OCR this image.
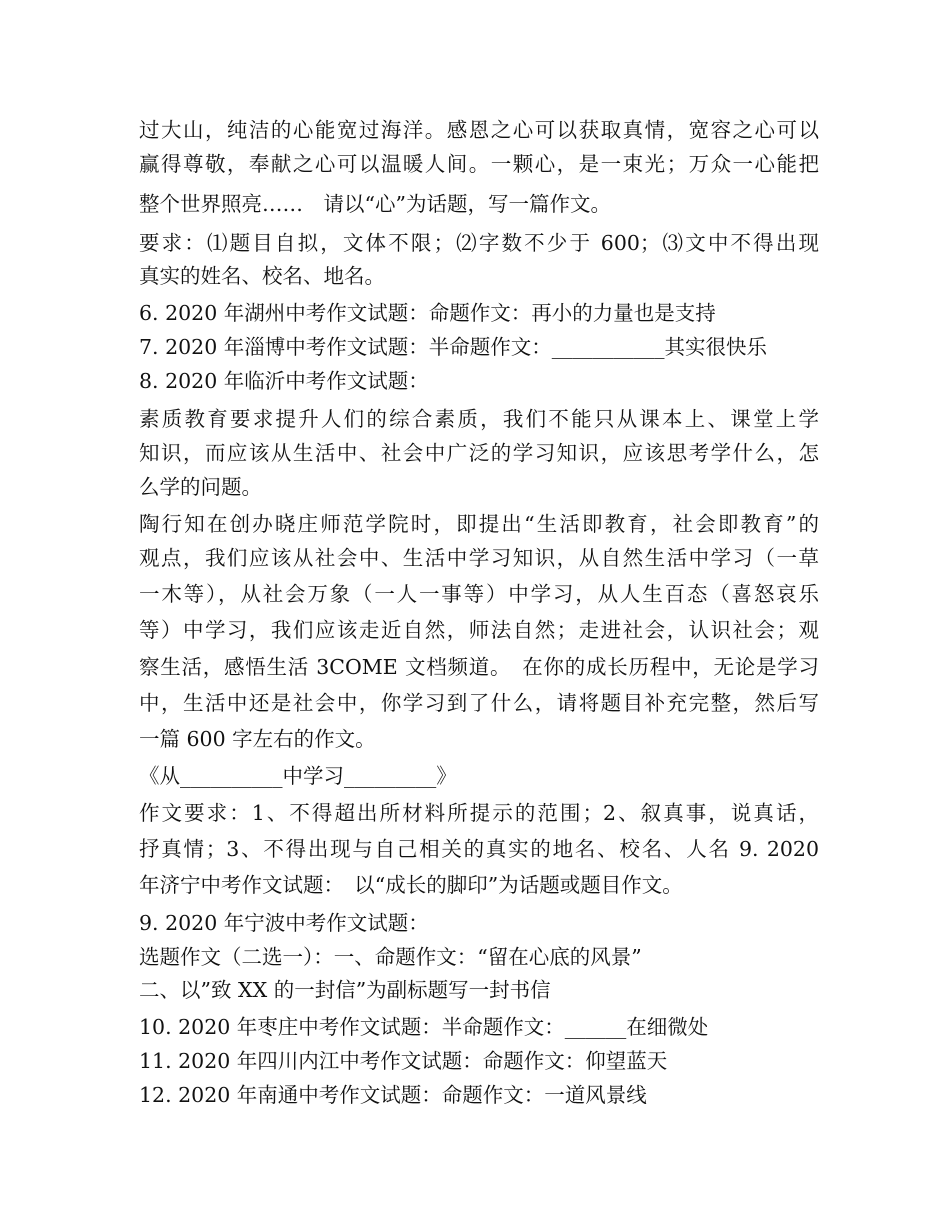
过大山，纯洁的心能宽过海洋。感恩之心可以获取真情，宽容之心可以
赢得尊敬，奉献之心可以温暖人间。一颗心，是一束光；万众一心能把
整个世界照亮……　请以“心”为话题，写一篇作文。
要求：⑴题目自拟，文体不限；⑵字数不少于 600；⑶文中不得出现
真实的姓名、校名、地名。
6. 2020 年湖州中考作文试题：命题作文：再小的力量也是支持
7. 2020 年淄博中考作文试题：半命题作文：___________其实很快乐
8. 2020 年临沂中考作文试题：
素质教育要求提升人们的综合素质，我们不能只从课本上、课堂上学
知识，而应该从生活中、社会中广泛的学习知识，应该思考学什么，怎
么学的问题。
陶行知在创办晓庄师范学院时，即提出“生活即教育，社会即教育”的
观点，我们应该从社会中、生活中学习知识，从自然生活中学习（一草
一木等），从社会万象（一人一事等）中学习，从人生百态（喜怒哀乐
等）中学习，我们应该走近自然，师法自然；走进社会，认识社会；观
察生活，感悟生活 3COME 文档频道。　在你的成长历程中，无论是学习
中，生活中还是社会中，你学习到了什么，请将题目补充完整，然后写
一篇 600 字左右的作文。
《从__________中学习_________》
作文要求：1、不得超出所材料所提示的范围；2、叙真事，说真话，
抒真情；3、不得出现与自己相关的真实的地名、校名、人名 9. 2020
年济宁中考作文试题：　以“成长的脚印”为话题或题目作文。
9. 2020 年宁波中考作文试题：
选题作文（二选一）：一、命题作文：“留在心底的风景”
二、以”致 XX 的一封信”为副标题写一封书信
10. 2020 年枣庄中考作文试题：半命题作文：______在细微处
11. 2020 年四川内江中考作文试题：命题作文：仰望蓝天
12. 2020 年南通中考作文试题：命题作文：一道风景线
